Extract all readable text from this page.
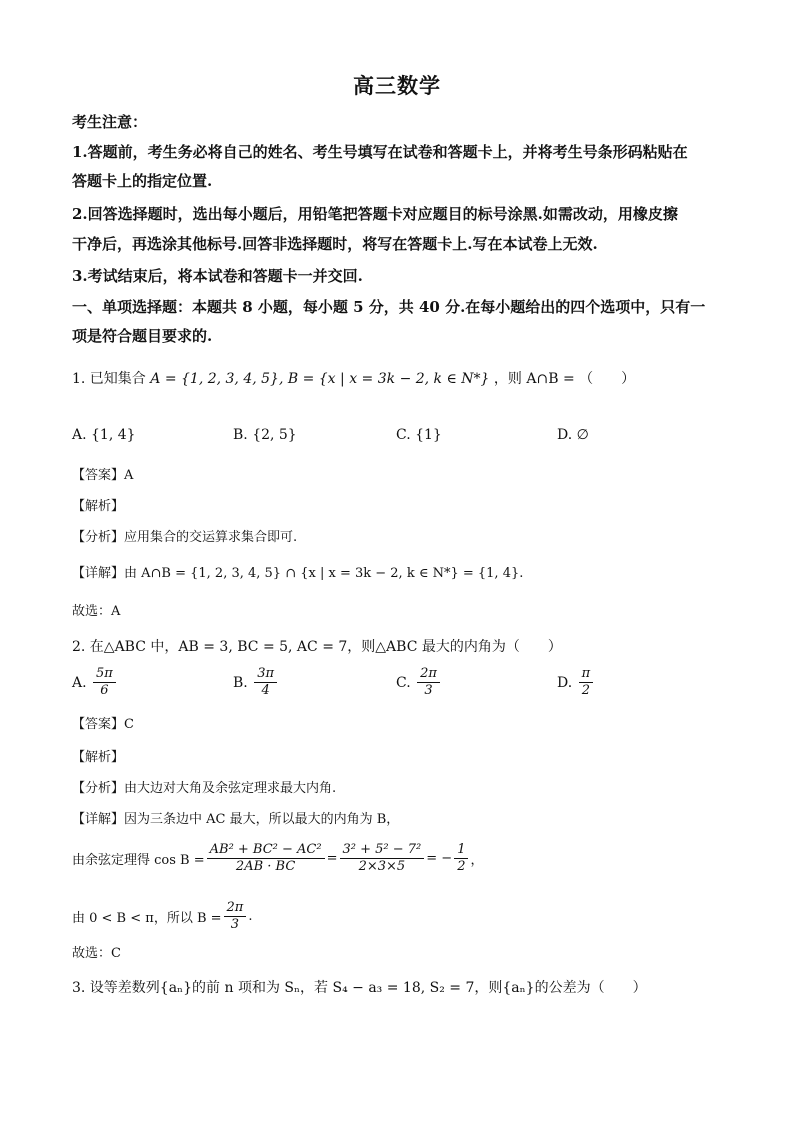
高三数学
考生注意：
1.答题前，考生务必将自己的姓名、考生号填写在试卷和答题卡上，并将考生号条形码粘贴在
答题卡上的指定位置.
2.回答选择题时，选出每小题后，用铅笔把答题卡对应题目的标号涂黑.如需改动，用橡皮擦
干净后，再选涂其他标号.回答非选择题时，将写在答题卡上.写在本试卷上无效.
3.考试结束后，将本试卷和答题卡一并交回.
一、单项选择题：本题共 8 小题，每小题 5 分，共 40 分.在每小题给出的四个选项中，只有一
项是符合题目要求的.
1. 已知集合 A = {1, 2, 3, 4, 5}, B = {x | x = 3k − 2, k ∈ N*} ，则 A∩B = （　　）
A. {1, 4}	B. {2, 5}	C. {1}	D. ∅
【答案】A
【解析】
【分析】应用集合的交运算求集合即可.
【详解】由 A∩B = {1, 2, 3, 4, 5} ∩ {x | x = 3k − 2, k ∈ N*} = {1, 4}.
故选：A
2. 在△ABC 中，AB = 3, BC = 5, AC = 7，则△ABC 最大的内角为（　　）
A. $\frac{5\pi}{6}$	B. $\frac{3\pi}{4}$	C. $\frac{2\pi}{3}$	D. $\frac{\pi}{2}$
【答案】C
【解析】
【分析】由大边对大角及余弦定理求最大内角.
【详解】因为三条边中 AC 最大，所以最大的内角为 B，
由余弦定理得 $\cos B = \frac{\text{AB² + BC² − AC²}}{2AB \cdot BC} = \frac{\text{3² + 5² − 7²}}{2\times 3\times 5}$ = − $\frac{1}{2}$ ，
由 0 < B < π，所以 $B = \frac{2\pi}{3}$ .
故选：C
3. 设等差数列{aₙ}的前 n 项和为 Sₙ，若 S₄ − a₃ = 18, S₂ = 7，则{aₙ}的公差为（　　）
